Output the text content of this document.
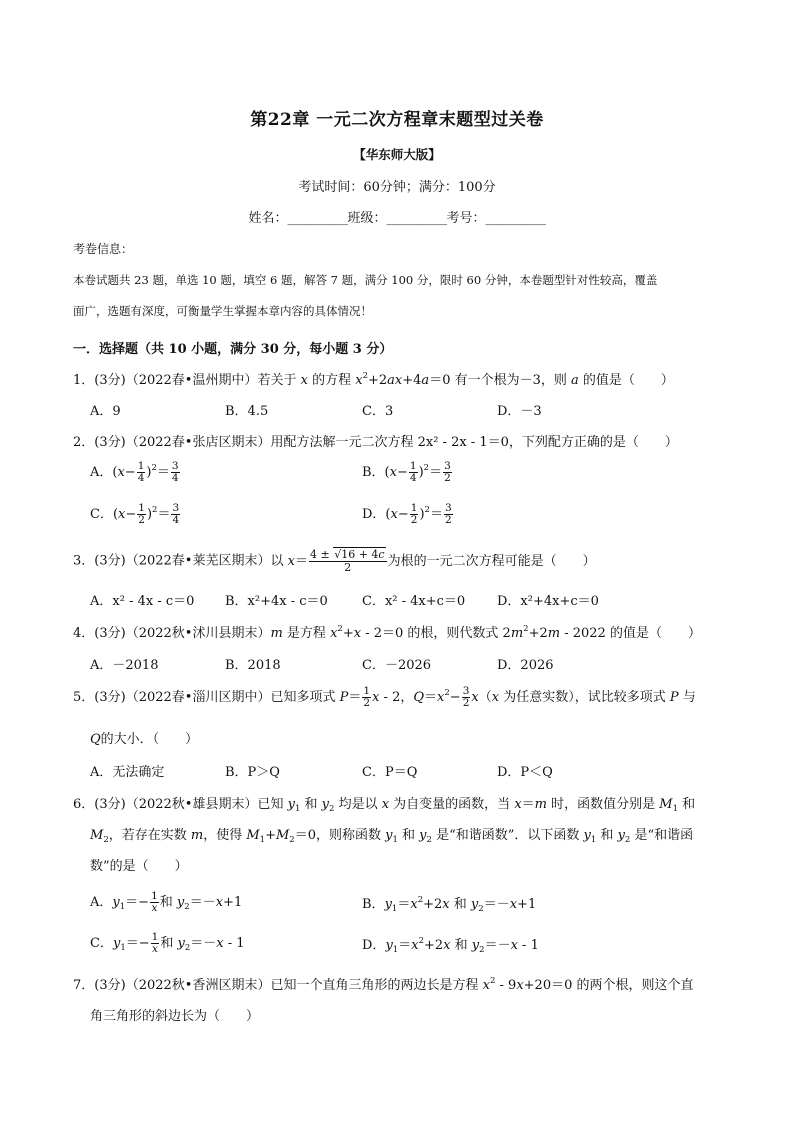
第22章 一元二次方程章末题型过关卷
【华东师大版】
考试时间：60分钟；满分：100分
姓名：__________班级：__________考号：__________
考卷信息：
本卷试题共 23 题，单选 10 题，填空 6 题，解答 7 题，满分 100 分，限时 60 分钟，本卷题型针对性较高，覆盖
面广，选题有深度，可衡量学生掌握本章内容的具体情况！
一．选择题（共 10 小题，满分 30 分，每小题 3 分）
1．(3分)（2022春•温州期中）若关于 x 的方程 $x^2+2ax+4a=0$ 有一个根为－3，则 a 的值是（　　）
A．9	B．4.5	C．3	D．－3
2．(3分)（2022春•张店区期末）用配方法解一元二次方程 2x² - 2x - 1＝0，下列配方正确的是（　　）
A．$(x- \frac{1}{4} )^2= \frac{3}{4}$	B．$(x- \frac{1}{4} )^2= \frac{3}{2}$
C．$(x- \frac{1}{2} )^2= \frac{3}{4}$	D．$(x- \frac{1}{2} )^2= \frac{3}{2}$
3．(3分)（2022春•莱芜区期末）以 $x= \frac{4 \pm √16 + 4c}{2}$ 为根的一元二次方程可能是（　　）
A．x² - 4x - c＝0 B．x²+4x - c＝0	C．x² - 4x+c＝0 D．x²+4x+c＝0
4．(3分)（2022秋•沭川县期末）m 是方程 $x^2+x - 2=0$ 的根，则代数式 $2m^2+2m - 2022$ 的值是（　　）
A．－2018	B．2018	C．－2026	D．2026
5．(3分)（2022春•淄川区期中）已知多项式 $P= \frac{1}{2}$ x - 2，$Q=x^2- \frac{3}{2} x(x$ 为任意实数），试比较多项式 P 与
Q的大小．（　　）
A．无法确定	B．P＞Q	C．P＝Q	D．P＜Q
6．(3分)（2022秋•雄县期末）已知 $y_1$ 和 $y_2$ 均是以 x 为自变量的函数，当 x＝m 时，函数值分别是 $M_1$ 和
$M_2$，若存在实数 m，使得 $M_1+M_2=0$，则称函数 $y_1$ 和 $y_2$ 是“和谐函数”．以下函数 $y_1$ 和 $y_2$ 是“和谐函
数”的是（　　）
A．$y_1=- \frac{1}{x}$ 和 $y_2=-x+1$	B．$y_1=x^2+2x$ 和 $y_2=-x+1$
C．$y_1=- \frac{1}{x}$ 和 $y_2=-x - 1$	D．$y_1=x^2+2x$ 和 $y_2=-x - 1$
7．(3分)（2022秋•香洲区期末）已知一个直角三角形的两边长是方程 $x^2 - 9x+20=0$ 的两个根，则这个直
角三角形的斜边长为（　　）
